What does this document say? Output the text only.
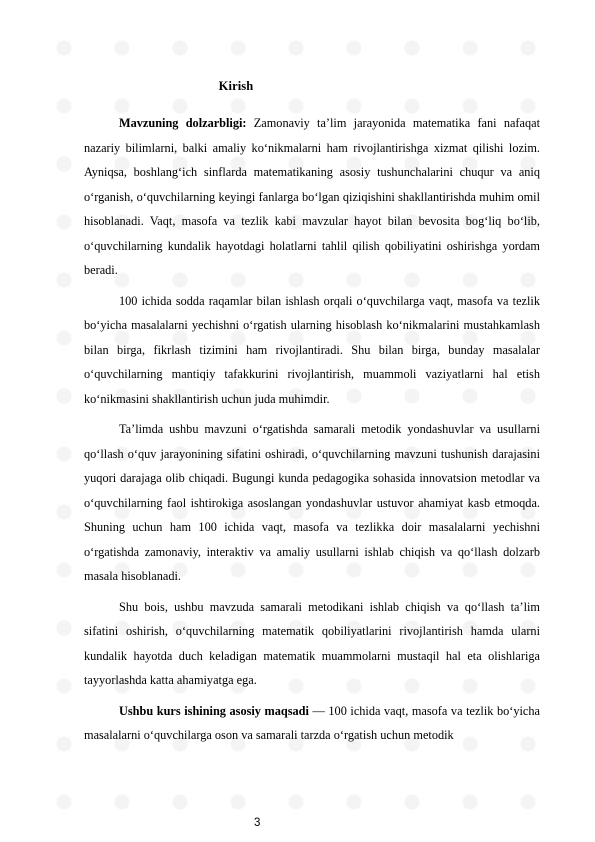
Kirish

Mavzuning dolzarbligi: Zamonaviy ta’lim jarayonida matematika fani nafaqat nazariy bilimlarni, balki amaliy ko‘nikmalarni ham rivojlantirishga xizmat qilishi lozim. Ayniqsa, boshlang‘ich sinflarda matematikaning asosiy tushunchalarini chuqur va aniq o‘rganish, o‘quvchilarning keyingi fanlarga bo‘lgan qiziqishini shakllantirishda muhim omil hisoblanadi. Vaqt, masofa va tezlik kabi mavzular hayot bilan bevosita bog‘liq bo‘lib, o‘quvchilarning kundalik hayotdagi holatlarni tahlil qilish qobiliyatini oshirishga yordam beradi.

100 ichida sodda raqamlar bilan ishlash orqali o‘quvchilarga vaqt, masofa va tezlik bo‘yicha masalalarni yechishni o‘rgatish ularning hisoblash ko‘nikmalarini mustahkamlash bilan birga, fikrlash tizimini ham rivojlantiradi. Shu bilan birga, bunday masalalar o‘quvchilarning mantiqiy tafakkurini rivojlantirish, muammoli vaziyatlarni hal etish ko‘nikmasini shakllantirish uchun juda muhimdir.

Ta’limda ushbu mavzuni o‘rgatishda samarali metodik yondashuvlar va usullarni qo‘llash o‘quv jarayonining sifatini oshiradi, o‘quvchilarning mavzuni tushunish darajasini yuqori darajaga olib chiqadi. Bugungi kunda pedagogika sohasida innovatsion metodlar va o‘quvchilarning faol ishtirokiga asoslangan yondashuvlar ustuvor ahamiyat kasb etmoqda. Shuning uchun ham 100 ichida vaqt, masofa va tezlikka doir masalalarni yechishni o‘rgatishda zamonaviy, interaktiv va amaliy usullarni ishlab chiqish va qo‘llash dolzarb masala hisoblanadi.

Shu bois, ushbu mavzuda samarali metodikani ishlab chiqish va qo‘llash ta’lim sifatini oshirish, o‘quvchilarning matematik qobiliyatlarini rivojlantirish hamda ularni kundalik hayotda duch keladigan matematik muammolarni mustaqil hal eta olishlariga tayyorlashda katta ahamiyatga ega.

Ushbu kurs ishining asosiy maqsadi — 100 ichida vaqt, masofa va tezlik bo‘yicha masalalarni o‘quvchilarga oson va samarali tarzda o‘rgatish uchun metodik

3
